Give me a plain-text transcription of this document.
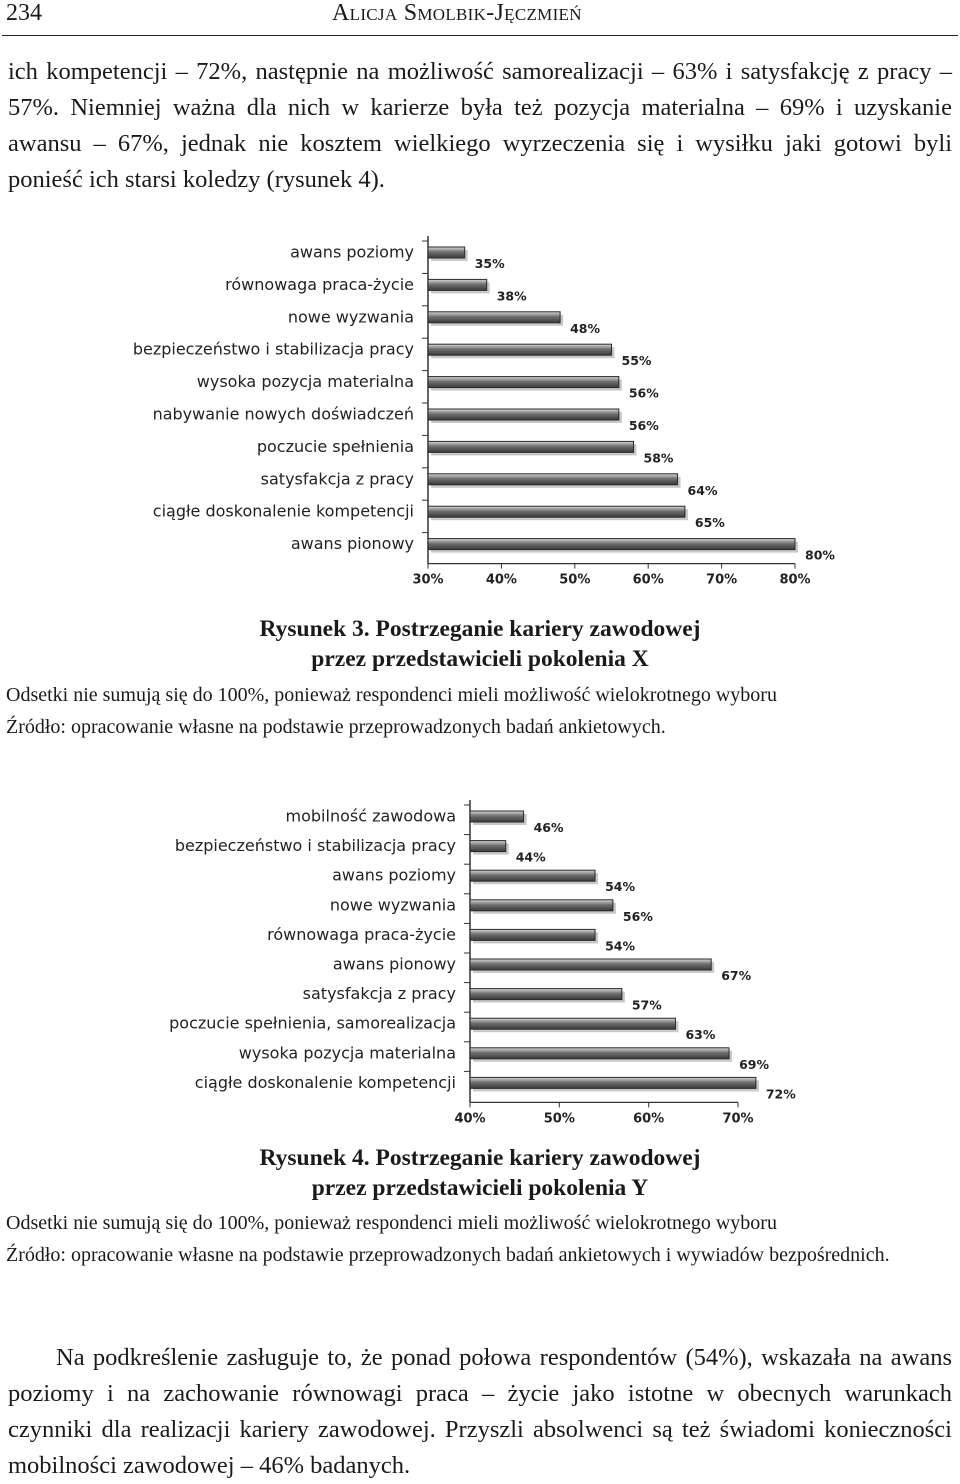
234	Alicja Smolbik-Jęczmień

ich kompetencji – 72%, następnie na możliwość samorealizacji – 63% i satysfakcję z pracy – 57%. Niemniej ważna dla nich w karierze była też pozycja materialna – 69% i uzyskanie awansu – 67%, jednak nie kosztem wielkiego wyrzeczenia się i wysiłku jaki gotowi byli ponieść ich starsi koledzy (rysunek 4).

awans poziomy
35%
równowaga praca-życie
38%
nowe wyzwania
48%
bezpieczeństwo i stabilizacja pracy
55%
wysoka pozycja materialna
56%
nabywanie nowych doświadczeń
56%
poczucie spełnienia
58%
satysfakcja z pracy
64%
ciągłe doskonalenie kompetencji
65%
awans pionowy
80%
30%	40%	50%	60%	70%	80%

Rysunek 3. Postrzeganie kariery zawodowej
przez przedstawicieli pokolenia X

Odsetki nie sumują się do 100%, ponieważ respondenci mieli możliwość wielokrotnego wyboru

Źródło: opracowanie własne na podstawie przeprowadzonych badań ankietowych.

mobilność zawodowa
46%
bezpieczeństwo i stabilizacja pracy
44%
awans poziomy
54%
nowe wyzwania
56%
równowaga praca-życie
54%
awans pionowy
67%
satysfakcja z pracy
57%
poczucie spełnienia, samorealizacja
63%
wysoka pozycja materialna
69%
ciągłe doskonalenie kompetencji
72%
40%	50%	60%	70%

Rysunek 4. Postrzeganie kariery zawodowej
przez przedstawicieli pokolenia Y

Odsetki nie sumują się do 100%, ponieważ respondenci mieli możliwość wielokrotnego wyboru

Źródło: opracowanie własne na podstawie przeprowadzonych badań ankietowych i wywiadów bezpośrednich.

Na podkreślenie zasługuje to, że ponad połowa respondentów (54%), wskazała na awans poziomy i na zachowanie równowagi praca – życie jako istotne w obecnych warunkach czynniki dla realizacji kariery zawodowej. Przyszli absolwenci są też świadomi konieczności mobilności zawodowej – 46% badanych.
